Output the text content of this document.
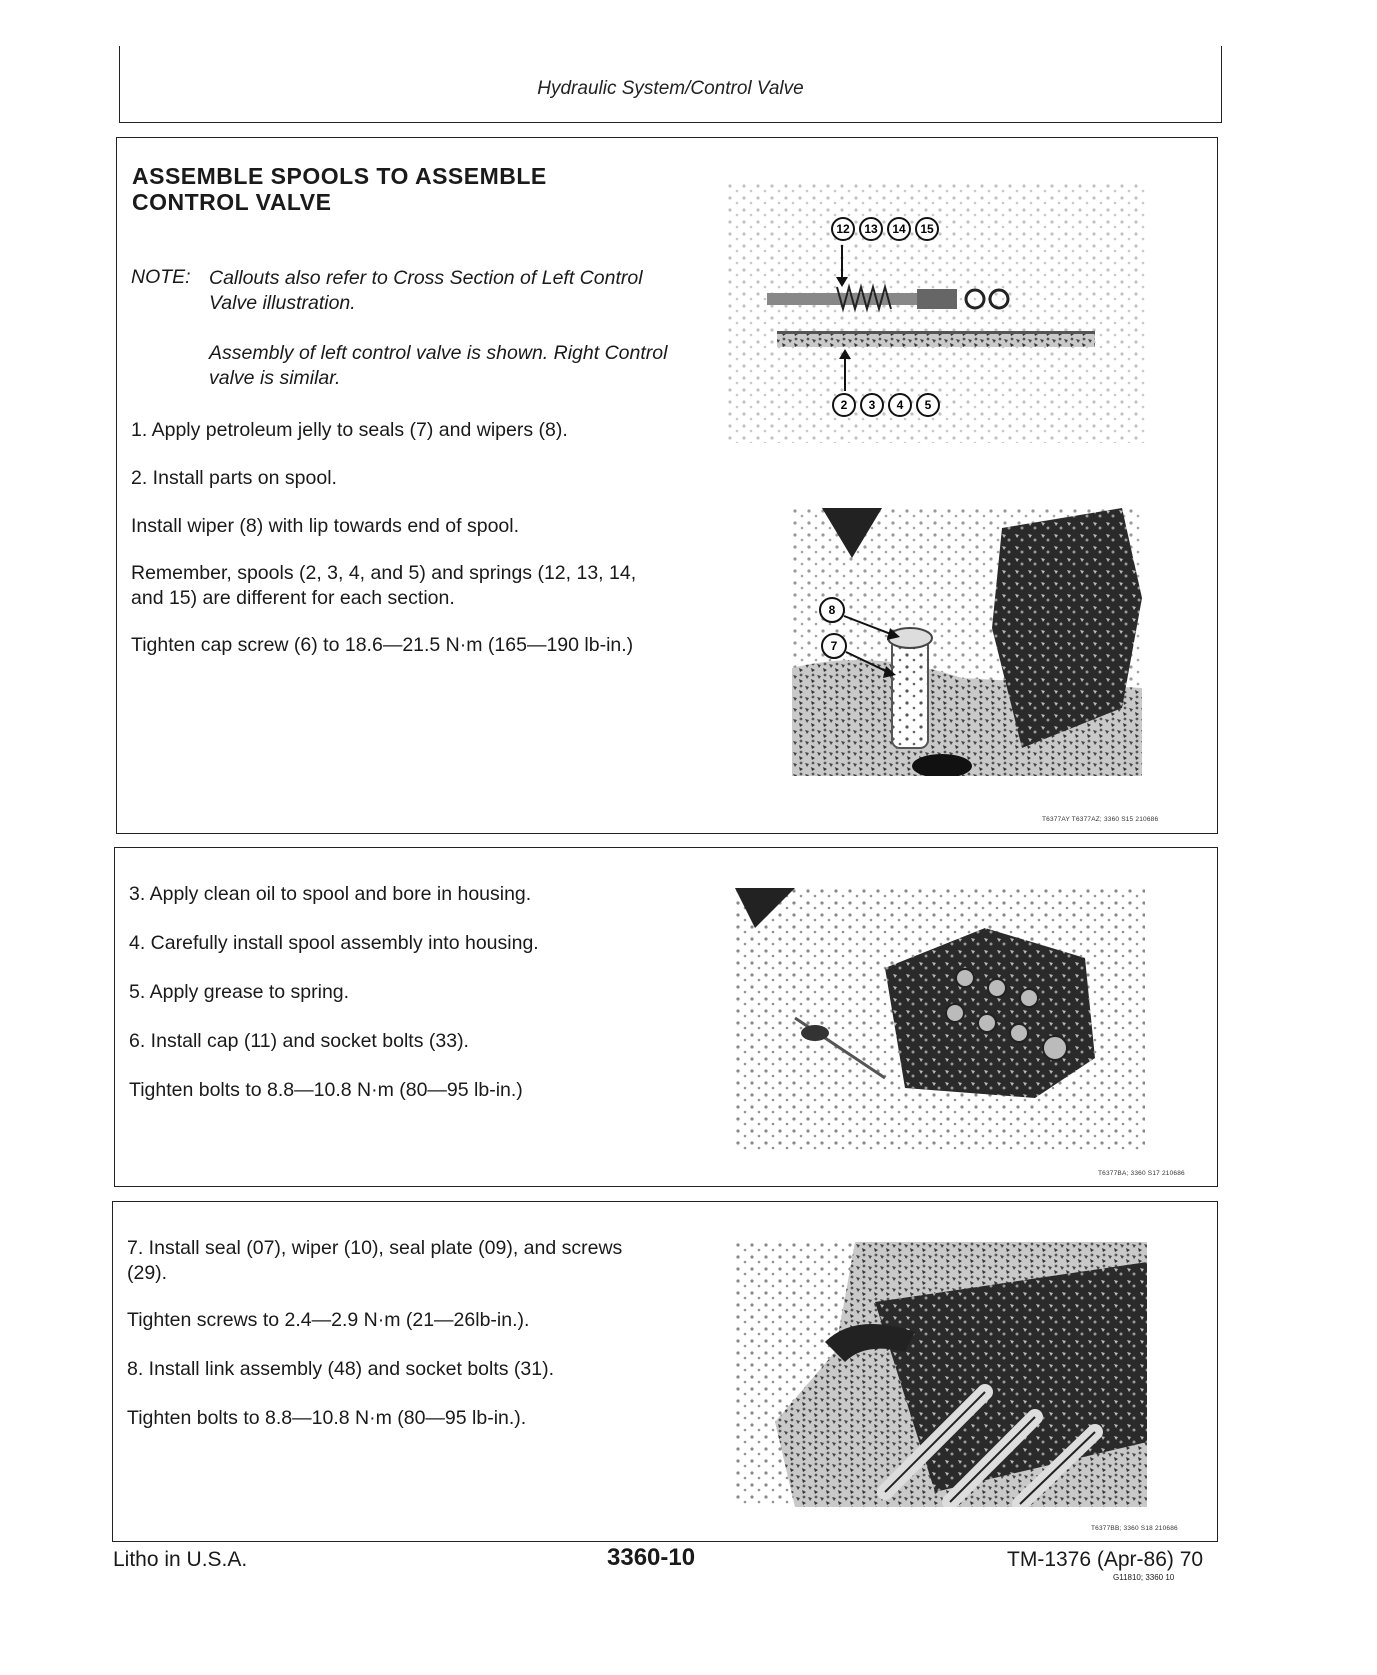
Hydraulic System/Control Valve
ASSEMBLE SPOOLS TO ASSEMBLE CONTROL VALVE
NOTE: Callouts also refer to Cross Section of Left Control Valve illustration.
Assembly of left control valve is shown. Right Control valve is similar.
1. Apply petroleum jelly to seals (7) and wipers (8).
2. Install parts on spool.
Install wiper (8) with lip towards end of spool.
Remember, spools (2, 3, 4, and 5) and springs (12, 13, 14, and 15) are different for each section.
Tighten cap screw (6) to 18.6—21.5 N·m (165—190 lb-in.)
12 13 14 15
2 3 4 5
8
7
T6377AY T6377AZ; 3360 S15 210686
3. Apply clean oil to spool and bore in housing.
4. Carefully install spool assembly into housing.
5. Apply grease to spring.
6. Install cap (11) and socket bolts (33).
Tighten bolts to 8.8—10.8 N·m (80—95 lb-in.)
T6377BA; 3360 S17 210686
7. Install seal (07), wiper (10), seal plate (09), and screws (29).
Tighten screws to 2.4—2.9 N·m (21—26lb-in.).
8. Install link assembly (48) and socket bolts (31).
Tighten bolts to 8.8—10.8 N·m (80—95 lb-in.).
T6377BB; 3360 S18 210686
Litho in U.S.A.	3360-10	TM-1376 (Apr-86) 70
G11810; 3360 10
